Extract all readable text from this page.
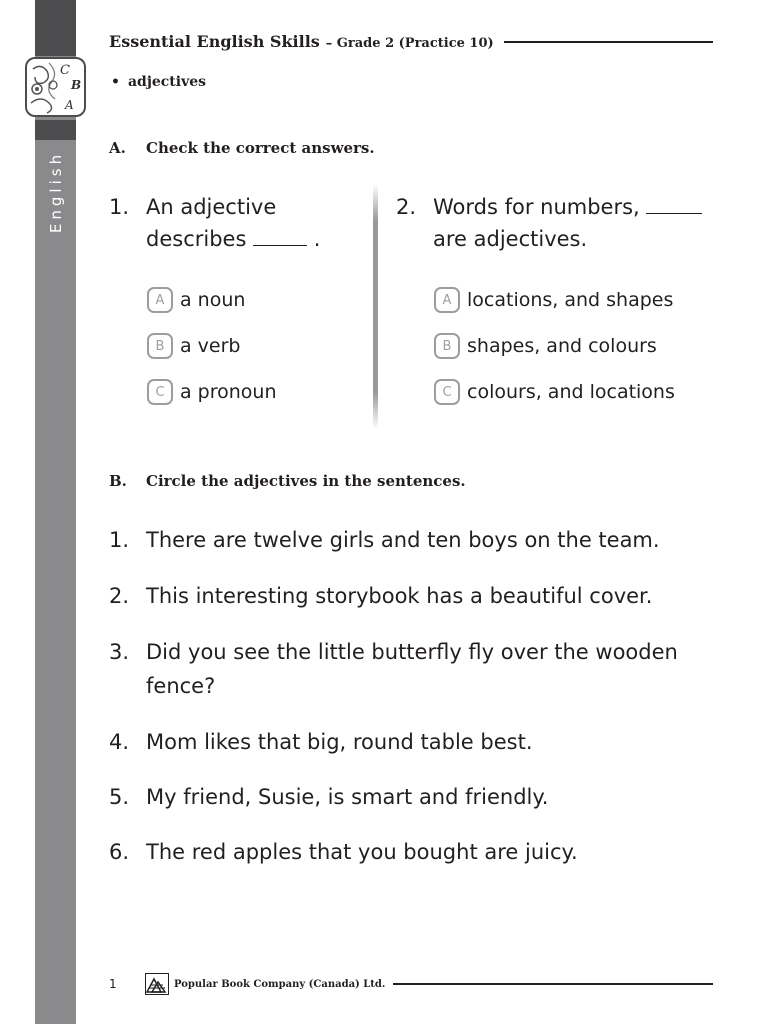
English
C
B
A
Essential English Skills – Grade 2 (Practice 10)
• adjectives
A. Check the correct answers.
1. An adjective
describes	.
A a noun
B a verb
C a pronoun
2. Words for numbers,
are adjectives.
A locations, and shapes
B shapes, and colours
C colours, and locations
B. Circle the adjectives in the sentences.
1. There are twelve girls and ten boys on the team.
2. This interesting storybook has a beautiful cover.
3. Did you see the little butterfly fly over the wooden fence?
4. Mom likes that big, round table best.
5. My friend, Susie, is smart and friendly.
6. The red apples that you bought are juicy.
1	Popular Book Company (Canada) Ltd.
